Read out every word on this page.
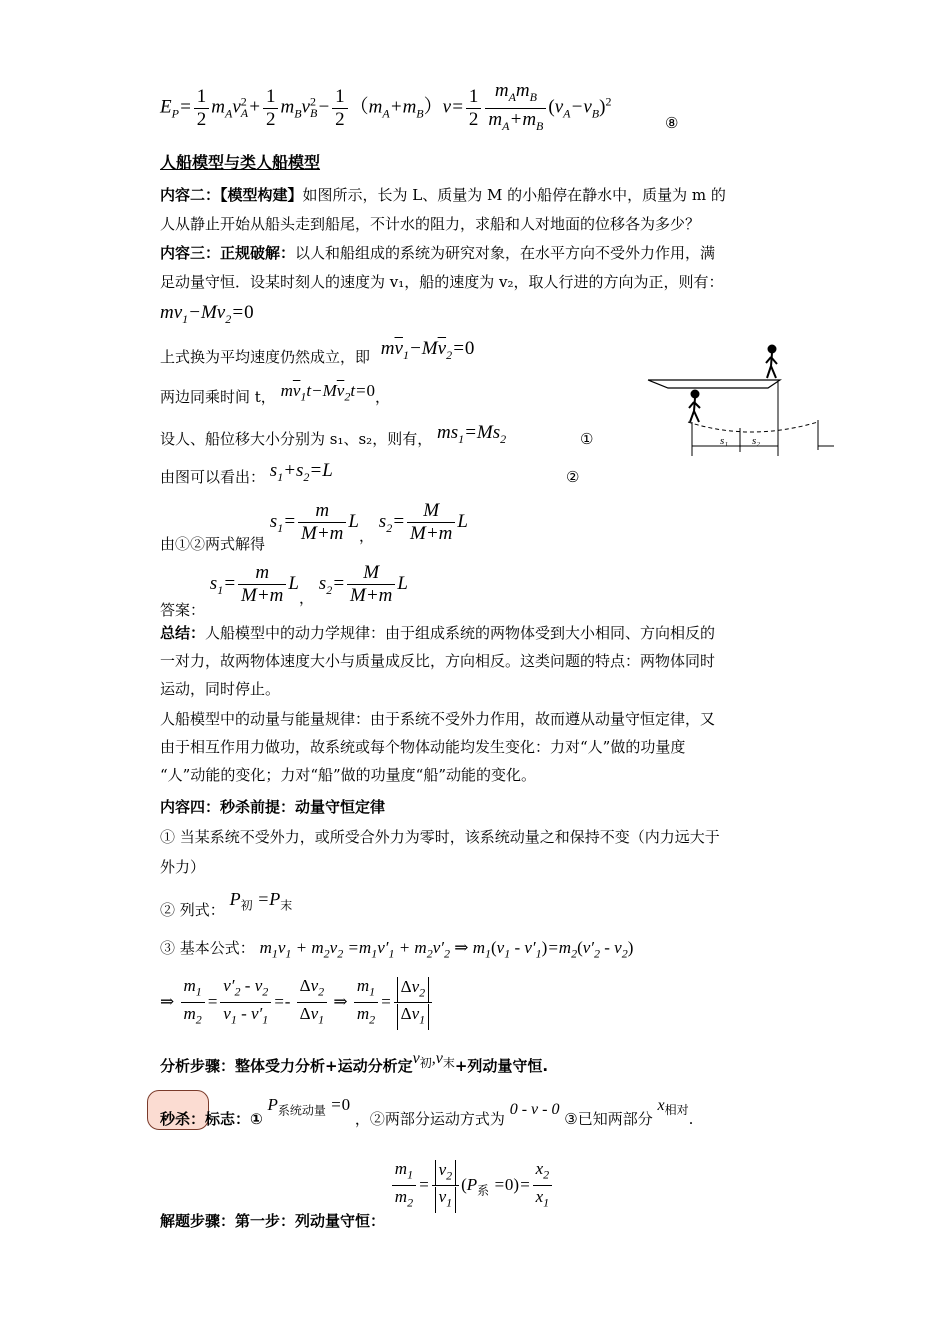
$E_P= \frac{1}{2} m_Av^2_A+ \frac{1}{2} m_Bv^2_B- \frac{1}{2} (m_A+m_B)v= \frac{1}{2} \frac{m_Am_B}{m_A+m_B} (v_A-v_B)^2$
⑧
人船模型与类人船模型
内容二：【模型构建】如图所示，长为 L、质量为 M 的小船停在静水中，质量为 m 的
人从静止开始从船头走到船尾，不计水的阻力，求船和人对地面的位移各为多少？
内容三：正规破解：以人和船组成的系统为研究对象，在水平方向不受外力作用，满
足动量守恒．设某时刻人的速度为 v₁，船的速度为 v₂，取人行进的方向为正，则有：
$mv_1-Mv_2=0$
上式换为平均速度仍然成立，即 $m\overline{v}_1-M\overline{v}_2=0$
两边同乘时间 t， $m\overline{v}_1t-M\overline{v}_2t=0$，
设人、船位移大小分别为 s₁、s₂，则有， $ms_1=Ms_2$	①
由图可以看出： $s_1+s_2=L$	②
由①②两式解得 $s_1= \frac{m}{M+m}$ L， $s_2= \frac{M}{M+m}$ L
答案： $s_1= \frac{m}{M+m}$ L， $s_2= \frac{M}{M+m}$ L
总结：人船模型中的动力学规律：由于组成系统的两物体受到大小相同、方向相反的
一对力，故两物体速度大小与质量成反比，方向相反。这类问题的特点：两物体同时
运动，同时停止。
人船模型中的动量与能量规律：由于系统不受外力作用，故而遵从动量守恒定律，又
由于相互作用力做功，故系统或每个物体动能均发生变化：力对“人”做的功量度
“人”动能的变化；力对“船”做的功量度“船”动能的变化。
内容四：秒杀前提：动量守恒定律
① 当某系统不受外力，或所受合外力为零时，该系统动量之和保持不变（内力远大于
外力）
② 列式： $P_初 =P_末$
③ 基本公式： $m_1v_1 + m_2v_2 =m_1v'_1 + m_2v'_2$ ⇒ $m_1(v_1 - v'_1)=m_2(v'_2 - v_2)$
⇒ $\frac{m_1}{m_2} = \frac{v'_2 - v_2}{v_1 - v'_1} =- \frac{\Delta v_2}{\Delta v_1}$ ⇒ $\frac{m_1}{m_2} = \frac{\Delta v_2}{\Delta v_1}$
分析步骤：整体受力分析+运动分析定$v_初,v_末+$列动量守恒.
秒杀：标志：① $P_{系统动量} =0$ ，②两部分运动方式为 0 - v - 0 ③已知两部分 $x_{相对}$.
解题步骤：第一步：列动量守恒：
$\frac{m_1}{m_2} = \frac{v_2}{v_1} (P_系 =0)= \frac{x_2}{x_1}$
s₁ s₂
